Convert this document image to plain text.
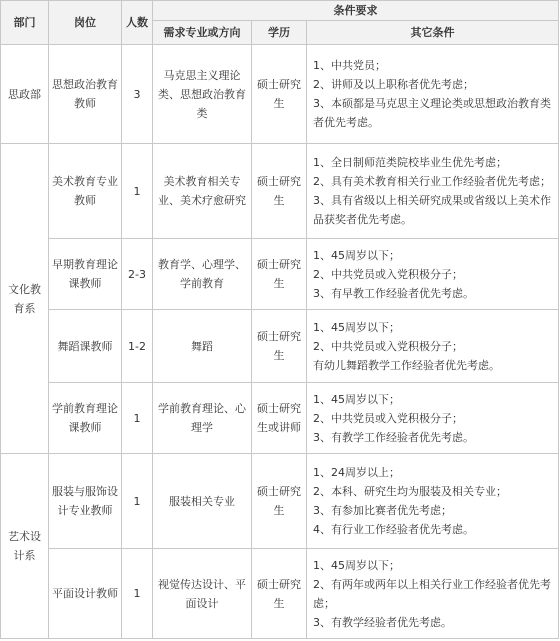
部门	岗位	人数	条件要求		
			需求专业或方向	学历	其它条件
思政部	思想政治教育教师	3	马克思主义理论类、思想政治教育类	硕士研究生	1、中共党员；
2、讲师及以上职称者优先考虑；
3、本硕都是马克思主义理论类或思想政治教育类者优先考虑。

文化教育系	美术教育专业教师	1	美术教育相关专业、美术疗愈研究	硕士研究生	1、全日制师范类院校毕业生优先考虑；
2、具有美术教育相关行业工作经验者优先考虑；
3、具有省级以上相关研究成果或省级以上美术作品获奖者优先考虑。

	早期教育理论课教师	2-3	教育学、心理学、学前教育	硕士研究生	1、45周岁以下；
2、中共党员或入党积极分子；
3、有早教工作经验者优先考虑。

	舞蹈课教师	1-2	舞蹈	硕士研究生	1、45周岁以下；
2、中共党员或入党积极分子；
有幼儿舞蹈教学工作经验者优先考虑。

	学前教育理论课教师	1	学前教育理论、心理学	硕士研究生或讲师	1、45周岁以下；
2、中共党员或入党积极分子；
3、有教学工作经验者优先考虑。

艺术设计系	服装与服饰设计专业教师	1	服装相关专业	硕士研究生	1、24周岁以上；
2、本科、研究生均为服装及相关专业；
3、有参加比赛者优先考虑；
4、有行业工作经验者优先考虑。

	平面设计教师	1	视觉传达设计、平面设计	硕士研究生	1、45周岁以下；
2、有两年或两年以上相关行业工作经验者优先考虑；
3、有教学经验者优先考虑。
